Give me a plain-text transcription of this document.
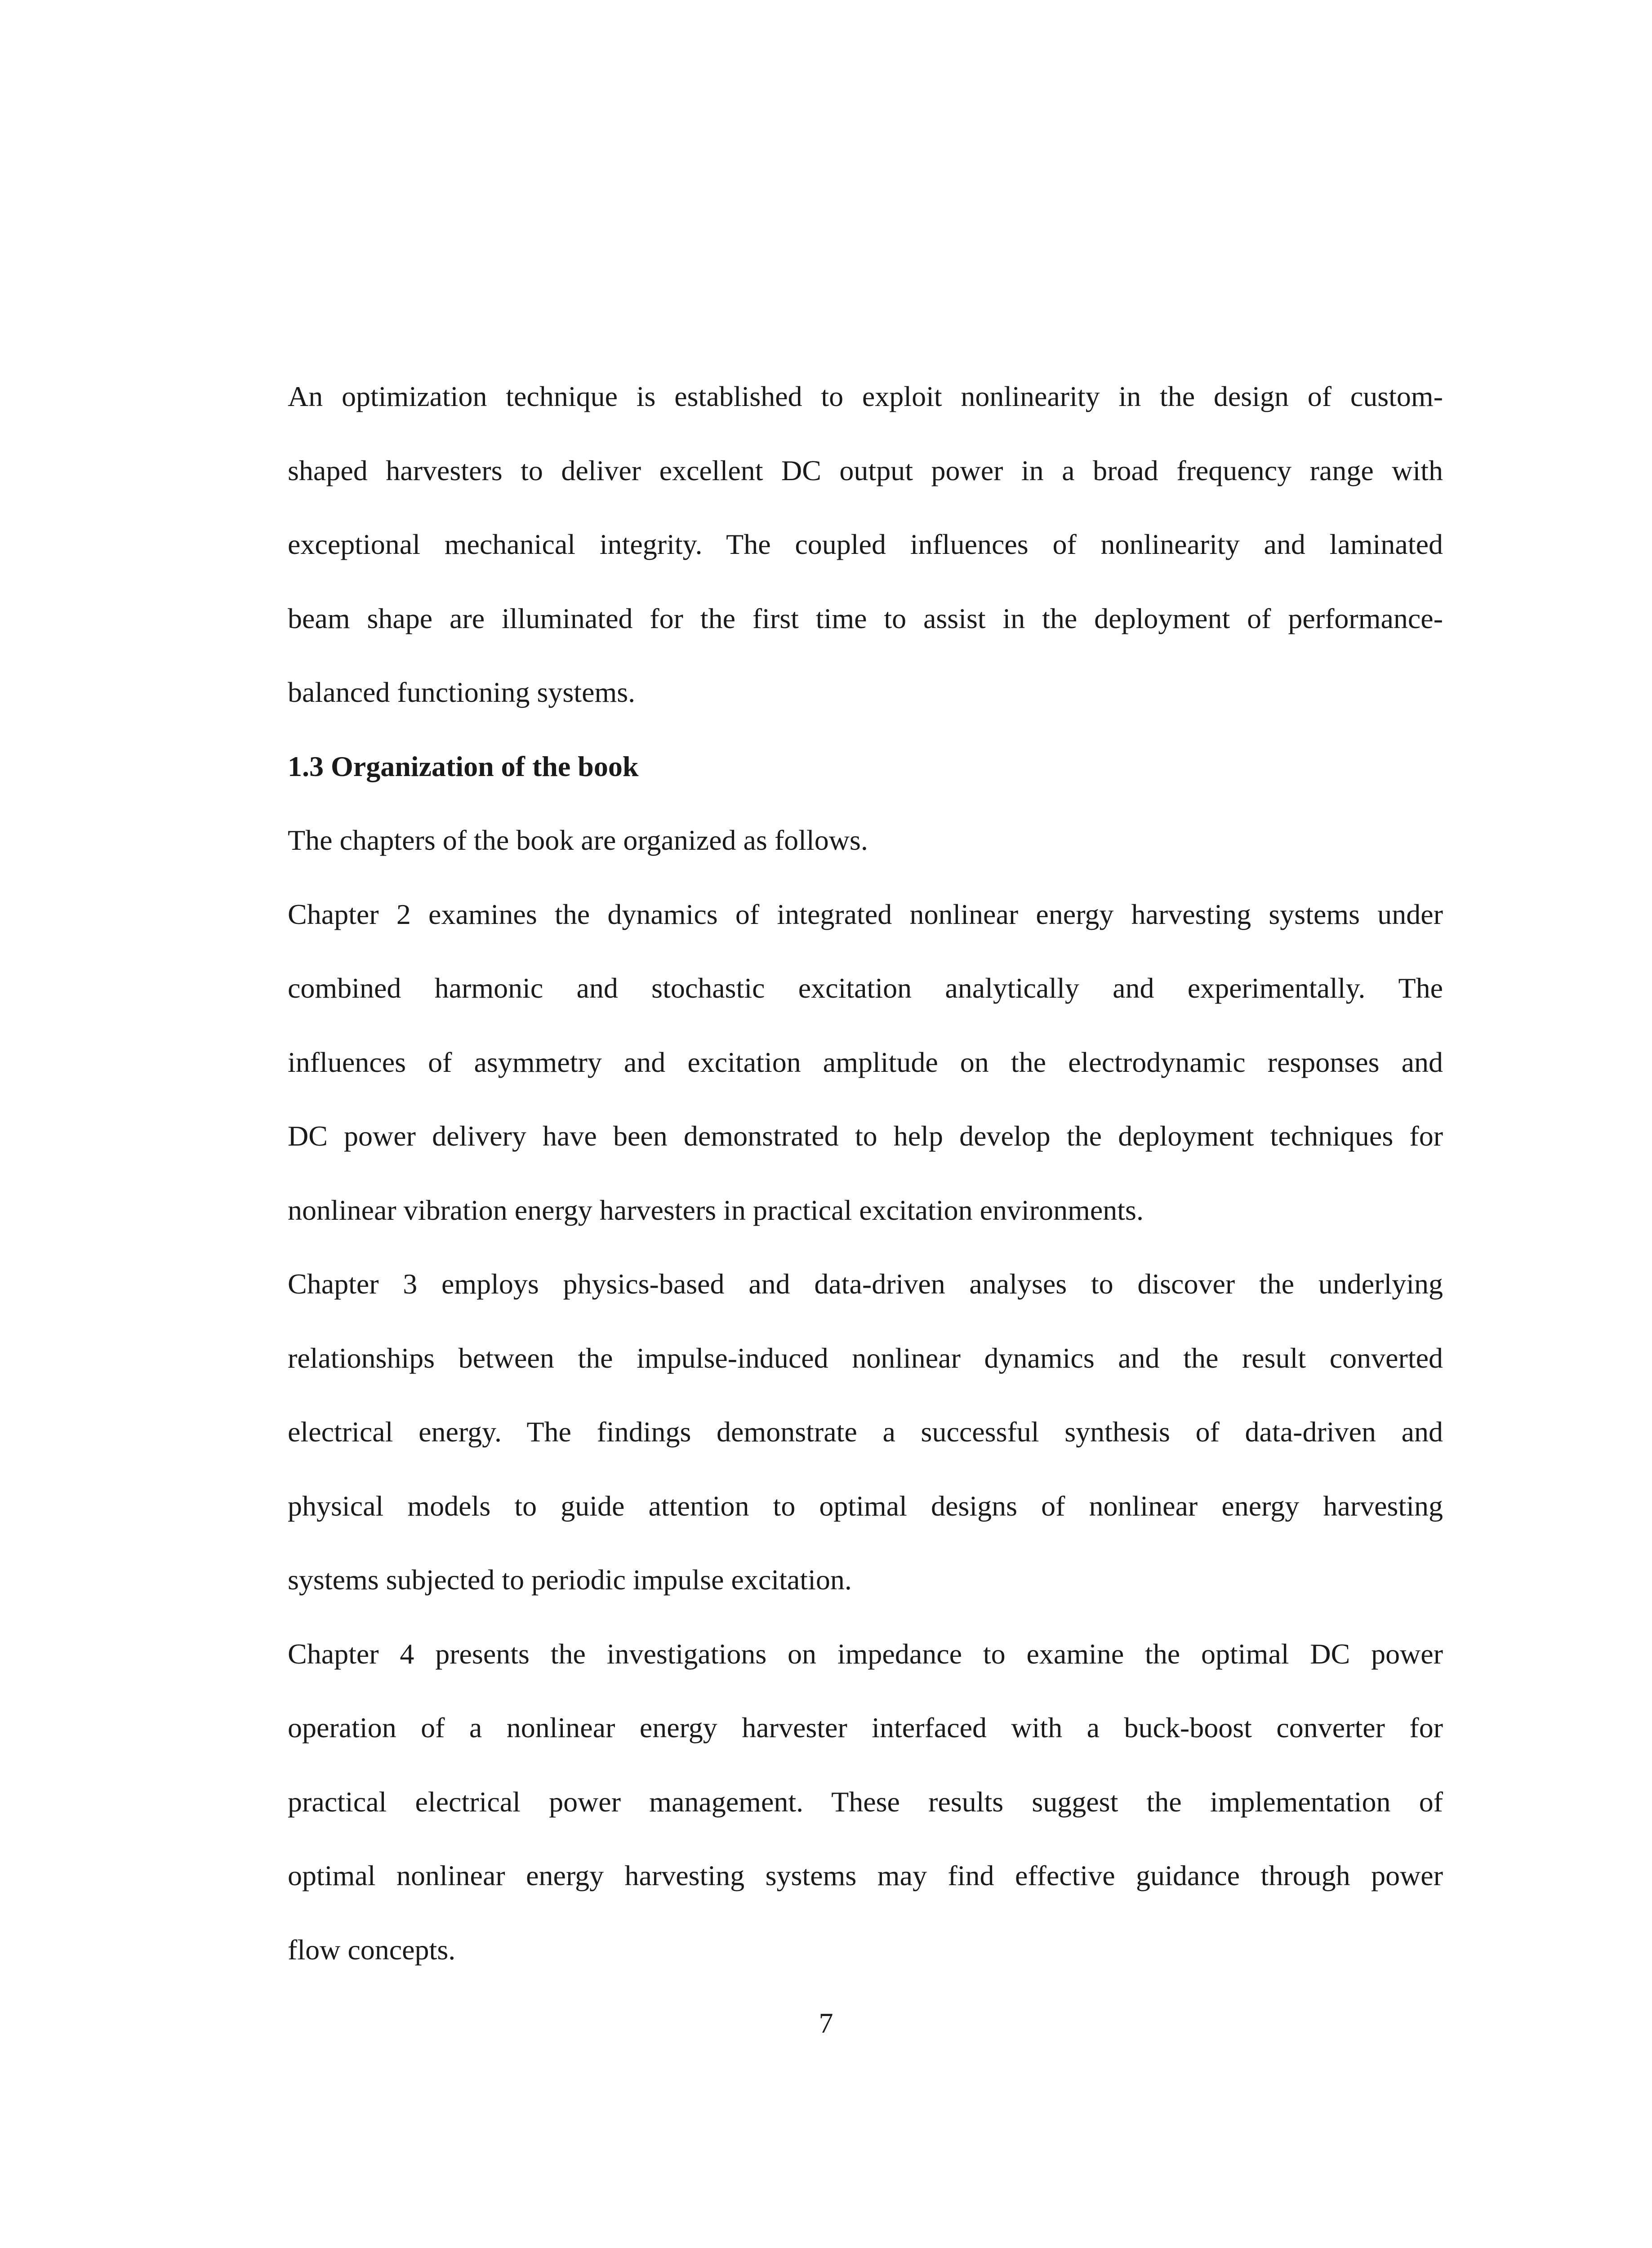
An optimization technique is established to exploit nonlinearity in the design of custom-
shaped harvesters to deliver excellent DC output power in a broad frequency range with
exceptional mechanical integrity. The coupled influences of nonlinearity and laminated
beam shape are illuminated for the first time to assist in the deployment of performance-
balanced functioning systems.
1.3 Organization of the book
The chapters of the book are organized as follows.
Chapter 2 examines the dynamics of integrated nonlinear energy harvesting systems under
combined harmonic and stochastic excitation analytically and experimentally. The
influences of asymmetry and excitation amplitude on the electrodynamic responses and
DC power delivery have been demonstrated to help develop the deployment techniques for
nonlinear vibration energy harvesters in practical excitation environments.
Chapter 3 employs physics-based and data-driven analyses to discover the underlying
relationships between the impulse-induced nonlinear dynamics and the result converted
electrical energy. The findings demonstrate a successful synthesis of data-driven and
physical models to guide attention to optimal designs of nonlinear energy harvesting
systems subjected to periodic impulse excitation.
Chapter 4 presents the investigations on impedance to examine the optimal DC power
operation of a nonlinear energy harvester interfaced with a buck-boost converter for
practical electrical power management. These results suggest the implementation of
optimal nonlinear energy harvesting systems may find effective guidance through power
flow concepts.
7
